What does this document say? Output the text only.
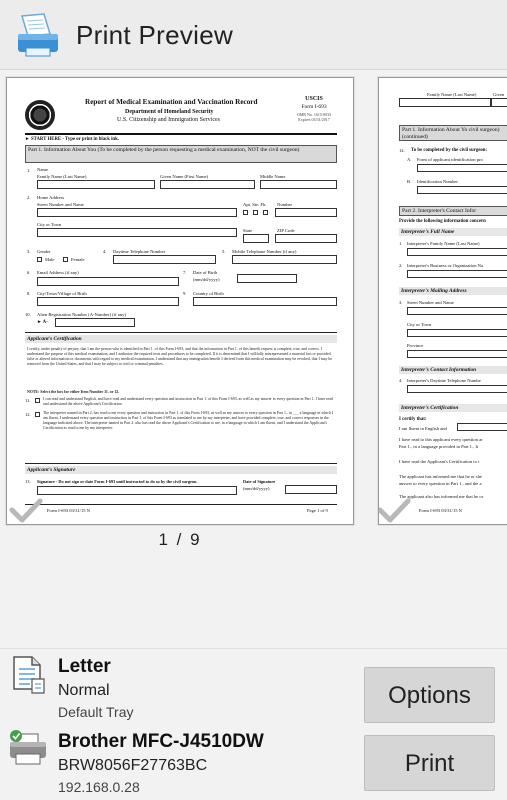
Print Preview
Report of Medical Examination and Vaccination Record
Department of Homeland Security
U.S. Citizenship and Immigration Services
USCIS
Form I-693
OMB No. 1615-0033
Expires 03/31/2017
► START HERE - Type or print in black ink.
Part 1. Information About You (To be completed by the person requesting a medical examination, NOT the civil surgeon)
1. Name
Family Name (Last Name)	Given Name (First Name)	Middle Name
2. Home Address
Street Number and Name	Apt. Ste. Flr. Number
City or Town
State	ZIP Code
3. Gender
Male	Female
4. Daytime Telephone Number	5. Mobile Telephone Number (if any)
6. Email Address (if any)	7. Date of Birth
(mm/dd/yyyy)
8. City/Town/Village of Birth	9. Country of Birth
10. Alien Registration Number (A-Number) (if any)
► A-
Applicant's Certification
I certify, under penalty of perjury, that I am the person who is identified in Part 1. of this Form I-693, and that the information in Part 1. of this benefit request is complete, true, and correct. I understand the purpose of this medical examination, and I authorize the required tests and procedures to be completed. If it is determined that I willfully misrepresented a material fact or provided false or altered information or documents with regard to my medical examination, I understand that any immigration benefit I derived from this medical examination may be revoked, that I may be removed from the United States, and that I may be subject to civil or criminal penalties.
NOTE: Select the box for either Item Number 11. or 12.
11.	I can read and understand English, and have read and understand every question and instruction in Part 1. of this Form I-693, as well as my answer to every question in Part 1. I have read and understand the above Applicant's Certification
12.	The interpreter named in Part 2. has read to me every question and instruction in Part 1. of this Form I-693, as well as my answer to every question in Part 1., in ___ a language in which I am fluent. I understand every question and instruction in Part 1. of this Form I-693 as translated to me by my interpreter, and have provided complete, true, and correct responses in the language indicated above. The interpreter named in Part 2. also has read the above Applicant's Certification to me, in a language in which I am fluent, and I understand the Applicant's Certification as read to me by my interpreter.
Applicant's Signature
13. Signature - Do not sign or date Form I-693 until instructed to do so by the civil surgeon.	Date of Signature
(mm/dd/yyyy)
Form I-693 03/31/15 N	Page 1 of 9
Family Name (Last Name)	Given
Part 1. Information About Yo civil surgeon) (continued)
14. To be completed by the civil surgeon:
A. Form of applicant identification pro
B. Identification Number
Part 2. Interpreter's Contact Infor
Provide the following information concern
Interpreter's Full Name
1. Interpreter's Family Name (Last Name)
2. Interpreter's Business or Organization Na
Interpreter's Mailing Address
3. Street Number and Name
City or Town
Province
Interpreter's Contact Information
4. Interpreter's Daytime Telephone Numbe
Interpreter's Certification
I certify that:
I am fluent in English and
I have read to this applicant every question ar
Part 1., in a language provided in Part 1., It
I have read the Applicant's Certification to t
The applicant has informed me that he or she
answer to every question in Part 1., and the a
The applicant also has informed me that he or
Form I-693 03/31/15 N
1 / 9
Letter
Normal
Default Tray
Brother MFC-J4510DW
BRW8056F27763BC
192.168.0.28
Options
Print
